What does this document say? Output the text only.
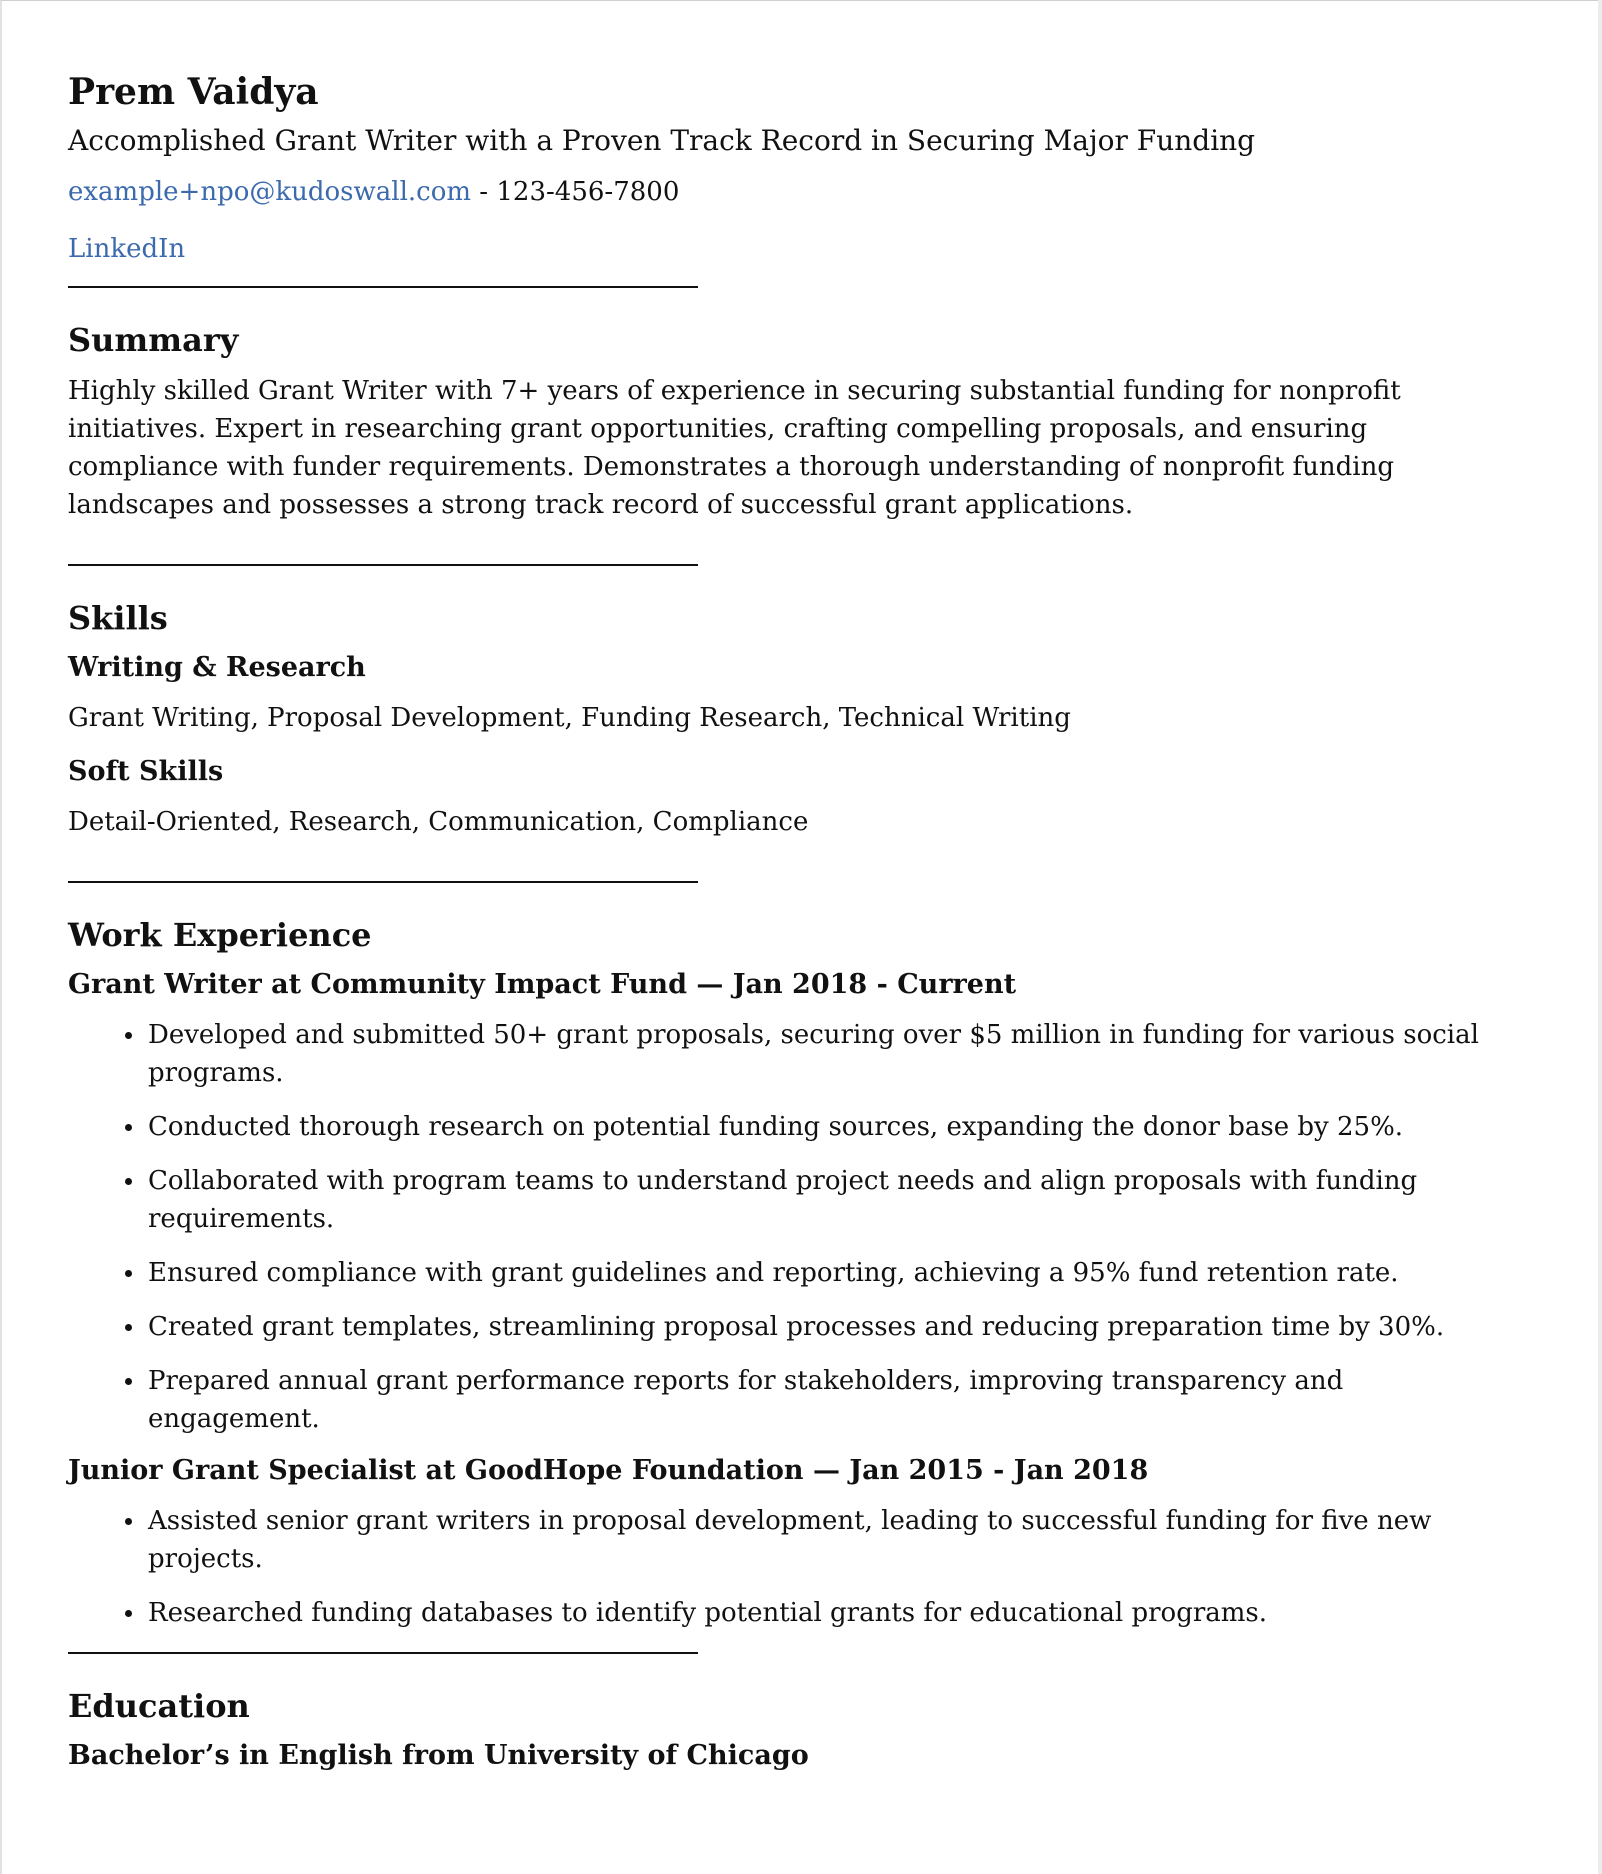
Prem Vaidya
Accomplished Grant Writer with a Proven Track Record in Securing Major Funding
example+npo@kudoswall.com - 123-456-7800
LinkedIn
Summary

Highly skilled Grant Writer with 7+ years of experience in securing substantial funding for nonprofit initiatives. Expert in researching grant opportunities, crafting compelling proposals, and ensuring compliance with funder requirements. Demonstrates a thorough understanding of nonprofit funding landscapes and possesses a strong track record of successful grant applications.

Skills
Writing & Research

Grant Writing, Proposal Development, Funding Research, Technical Writing

Soft Skills

Detail-Oriented, Research, Communication, Compliance

Work Experience
Grant Writer at Community Impact Fund — Jan 2018 - Current
Developed and submitted 50+ grant proposals, securing over $5 million in funding for various social programs.
Conducted thorough research on potential funding sources, expanding the donor base by 25%.
Collaborated with program teams to understand project needs and align proposals with funding requirements.
Ensured compliance with grant guidelines and reporting, achieving a 95% fund retention rate.
Created grant templates, streamlining proposal processes and reducing preparation time by 30%.
Prepared annual grant performance reports for stakeholders, improving transparency and engagement.
Junior Grant Specialist at GoodHope Foundation — Jan 2015 - Jan 2018
Assisted senior grant writers in proposal development, leading to successful funding for five new projects.
Researched funding databases to identify potential grants for educational programs.
Education
Bachelor’s in English from University of Chicago
